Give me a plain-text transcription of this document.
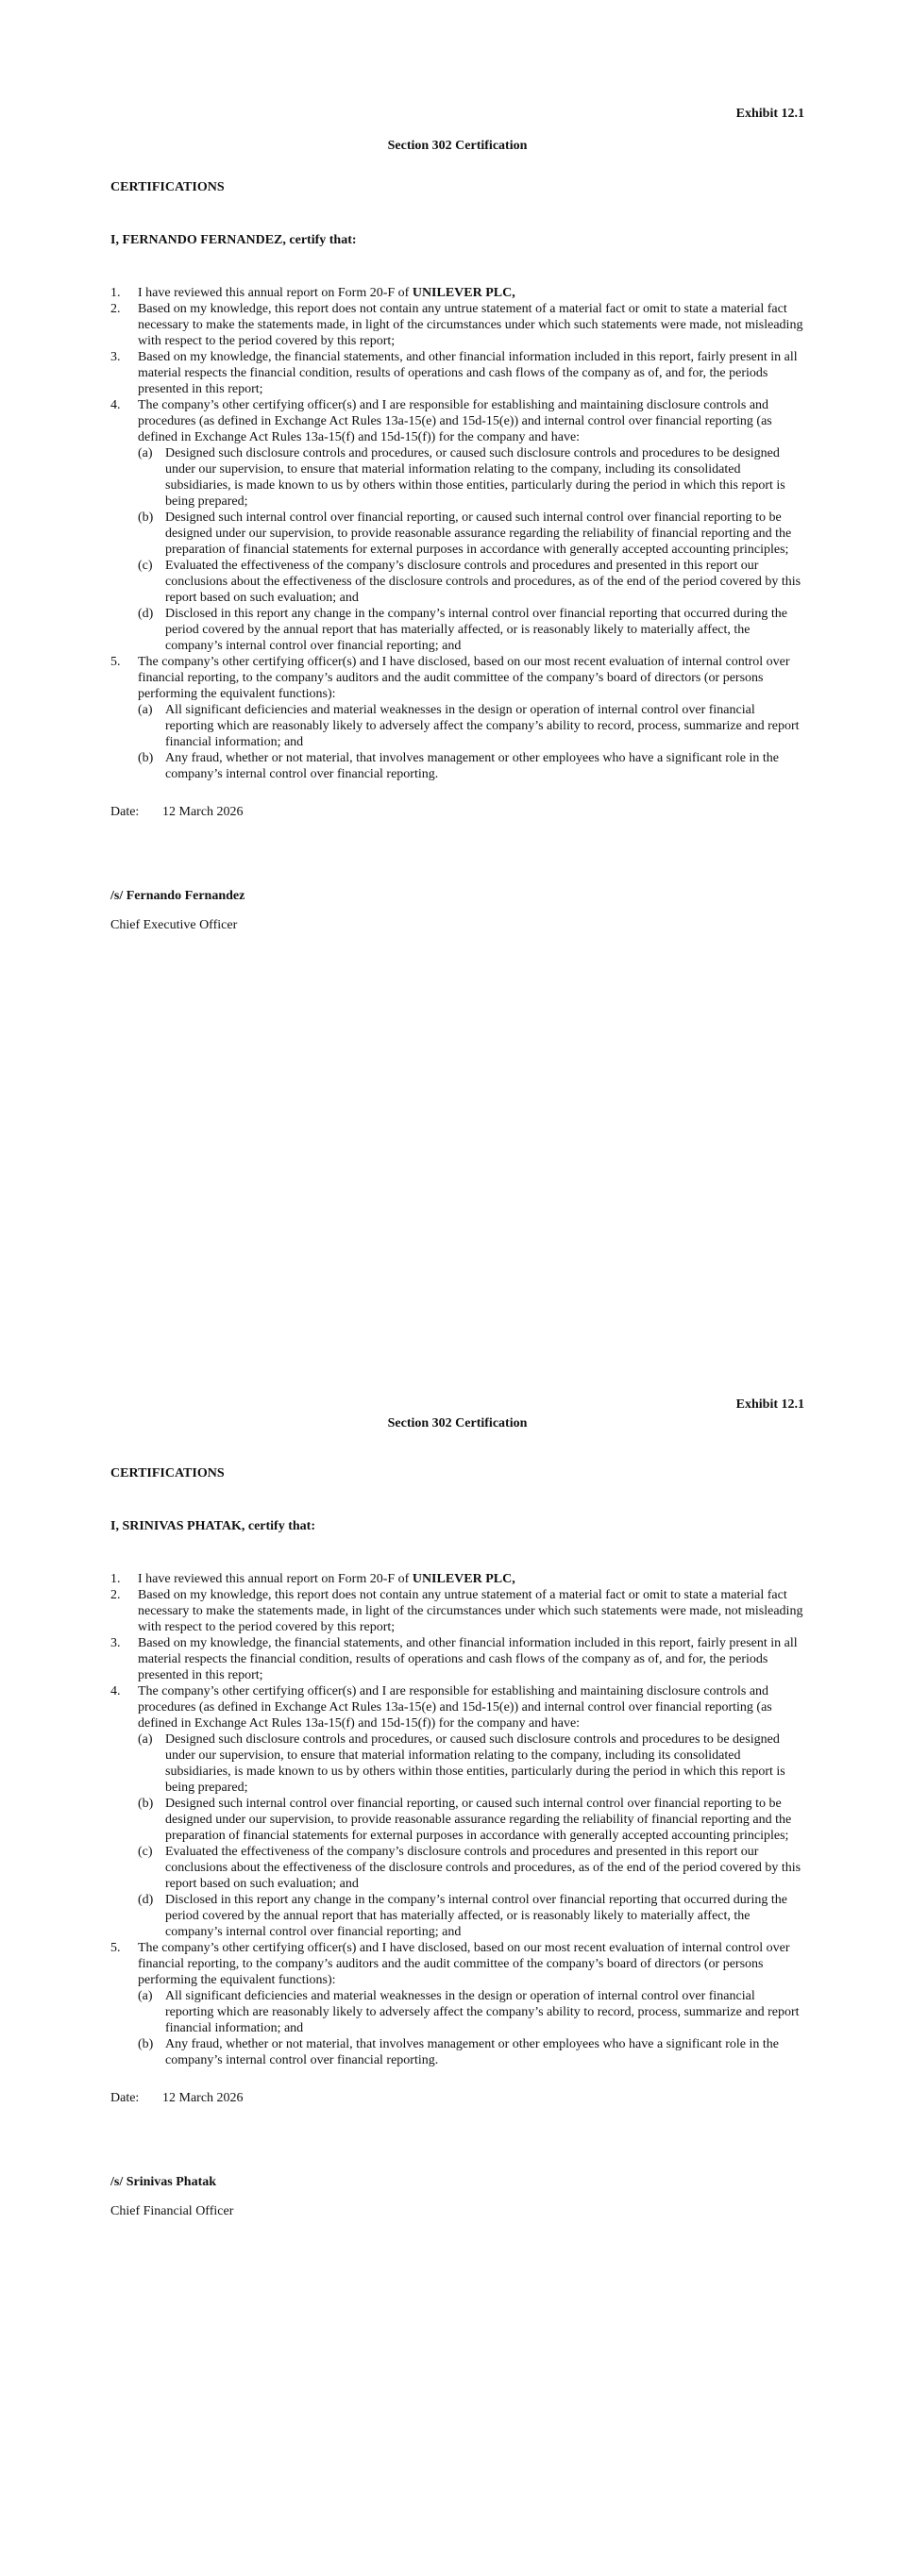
Exhibit 12.1

Section 302 Certification

CERTIFICATIONS

I, FERNANDO FERNANDEZ, certify that:

1.	I have reviewed this annual report on Form 20-F of UNILEVER PLC,
2.	Based on my knowledge, this report does not contain any untrue statement of a material fact or omit to state a material fact necessary to make the statements made, in light of the circumstances under which such statements were made, not misleading with respect to the period covered by this report;
3.	Based on my knowledge, the financial statements, and other financial information included in this report, fairly present in all material respects the financial condition, results of operations and cash flows of the company as of, and for, the periods presented in this report;
4.	The company’s other certifying officer(s) and I are responsible for establishing and maintaining disclosure controls and procedures (as defined in Exchange Act Rules 13a-15(e) and 15d-15(e)) and internal control over financial reporting (as defined in Exchange Act Rules 13a-15(f) and 15d-15(f)) for the company and have:
(a) Designed such disclosure controls and procedures, or caused such disclosure controls and procedures to be designed under our supervision, to ensure that material information relating to the company, including its consolidated subsidiaries, is made known to us by others within those entities, particularly during the period in which this report is being prepared;
(b) Designed such internal control over financial reporting, or caused such internal control over financial reporting to be designed under our supervision, to provide reasonable assurance regarding the reliability of financial reporting and the preparation of financial statements for external purposes in accordance with generally accepted accounting principles;
(c) Evaluated the effectiveness of the company’s disclosure controls and procedures and presented in this report our conclusions about the effectiveness of the disclosure controls and procedures, as of the end of the period covered by this report based on such evaluation; and
(d) Disclosed in this report any change in the company’s internal control over financial reporting that occurred during the period covered by the annual report that has materially affected, or is reasonably likely to materially affect, the company’s internal control over financial reporting; and
5.	The company’s other certifying officer(s) and I have disclosed, based on our most recent evaluation of internal control over financial reporting, to the company’s auditors and the audit committee of the company’s board of directors (or persons performing the equivalent functions):
(a) All significant deficiencies and material weaknesses in the design or operation of internal control over financial reporting which are reasonably likely to adversely affect the company’s ability to record, process, summarize and report financial information; and
(b) Any fraud, whether or not material, that involves management or other employees who have a significant role in the company’s internal control over financial reporting.
Date:	12 March 2026

/s/ Fernando Fernandez

Chief Executive Officer

Exhibit 12.1

Section 302 Certification

CERTIFICATIONS

I, SRINIVAS PHATAK, certify that:

1.	I have reviewed this annual report on Form 20-F of UNILEVER PLC,
2.	Based on my knowledge, this report does not contain any untrue statement of a material fact or omit to state a material fact necessary to make the statements made, in light of the circumstances under which such statements were made, not misleading with respect to the period covered by this report;
3.	Based on my knowledge, the financial statements, and other financial information included in this report, fairly present in all material respects the financial condition, results of operations and cash flows of the company as of, and for, the periods presented in this report;
4.	The company’s other certifying officer(s) and I are responsible for establishing and maintaining disclosure controls and procedures (as defined in Exchange Act Rules 13a-15(e) and 15d-15(e)) and internal control over financial reporting (as defined in Exchange Act Rules 13a-15(f) and 15d-15(f)) for the company and have:
(a) Designed such disclosure controls and procedures, or caused such disclosure controls and procedures to be designed under our supervision, to ensure that material information relating to the company, including its consolidated subsidiaries, is made known to us by others within those entities, particularly during the period in which this report is being prepared;
(b) Designed such internal control over financial reporting, or caused such internal control over financial reporting to be designed under our supervision, to provide reasonable assurance regarding the reliability of financial reporting and the preparation of financial statements for external purposes in accordance with generally accepted accounting principles;
(c) Evaluated the effectiveness of the company’s disclosure controls and procedures and presented in this report our conclusions about the effectiveness of the disclosure controls and procedures, as of the end of the period covered by this report based on such evaluation; and
(d) Disclosed in this report any change in the company’s internal control over financial reporting that occurred during the period covered by the annual report that has materially affected, or is reasonably likely to materially affect, the company’s internal control over financial reporting; and
5.	The company’s other certifying officer(s) and I have disclosed, based on our most recent evaluation of internal control over financial reporting, to the company’s auditors and the audit committee of the company’s board of directors (or persons performing the equivalent functions):
(a) All significant deficiencies and material weaknesses in the design or operation of internal control over financial reporting which are reasonably likely to adversely affect the company’s ability to record, process, summarize and report financial information; and
(b) Any fraud, whether or not material, that involves management or other employees who have a significant role in the company’s internal control over financial reporting.
Date:	12 March 2026

/s/ Srinivas Phatak

Chief Financial Officer
